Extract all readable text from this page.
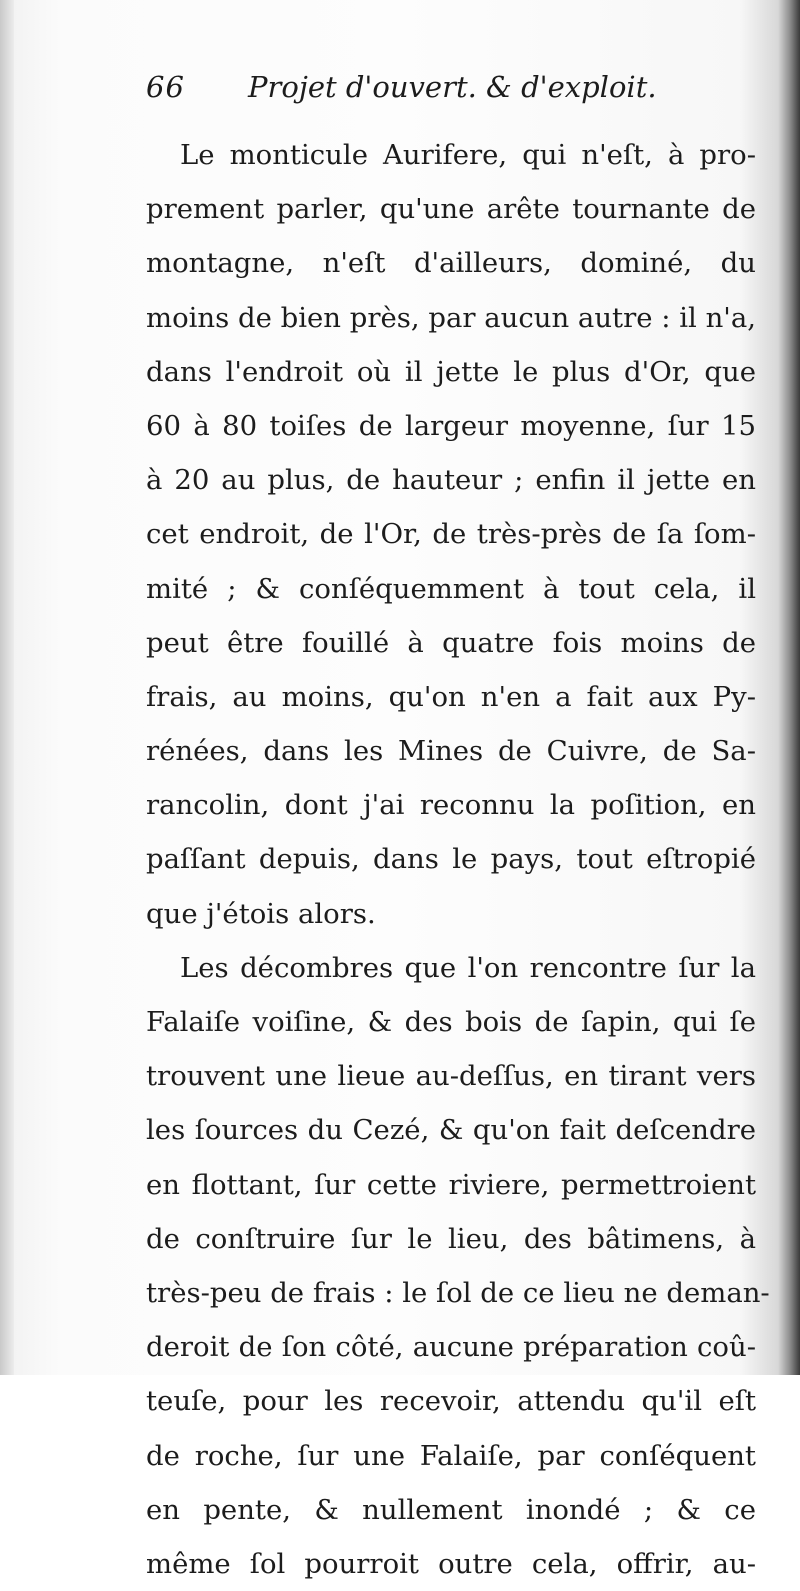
66 Projet d'ouvert. & d'exploit.
Le monticule Aurifere, qui n'eſt, à pro-
prement parler, qu'une arête tournante de
montagne, n'eſt d'ailleurs, dominé, du
moins de bien près, par aucun autre : il n'a,
dans l'endroit où il jette le plus d'Or, que
60 à 80 toiſes de largeur moyenne, ſur 15
à 20 au plus, de hauteur ; enfin il jette en
cet endroit, de l'Or, de très-près de ſa ſom-
mité ; & conſéquemment à tout cela, il
peut être fouillé à quatre fois moins de
frais, au moins, qu'on n'en a fait aux Py-
rénées, dans les Mines de Cuivre, de Sa-
rancolin, dont j'ai reconnu la poſition, en
paſſant depuis, dans le pays, tout eſtropié
que j'étois alors.
Les décombres que l'on rencontre ſur la
Falaiſe voiſine, & des bois de ſapin, qui ſe
trouvent une lieue au-deſſus, en tirant vers
les ſources du Cezé, & qu'on fait deſcendre
en flottant, ſur cette riviere, permettroient
de conſtruire ſur le lieu, des bâtimens, à
très-peu de frais : le ſol de ce lieu ne deman-
deroit de ſon côté, aucune préparation coû-
teuſe, pour les recevoir, attendu qu'il eſt
de roche, ſur une Falaiſe, par conſéquent
en pente, & nullement inondé ; & ce
même ſol pourroit outre cela, offrir, au-
